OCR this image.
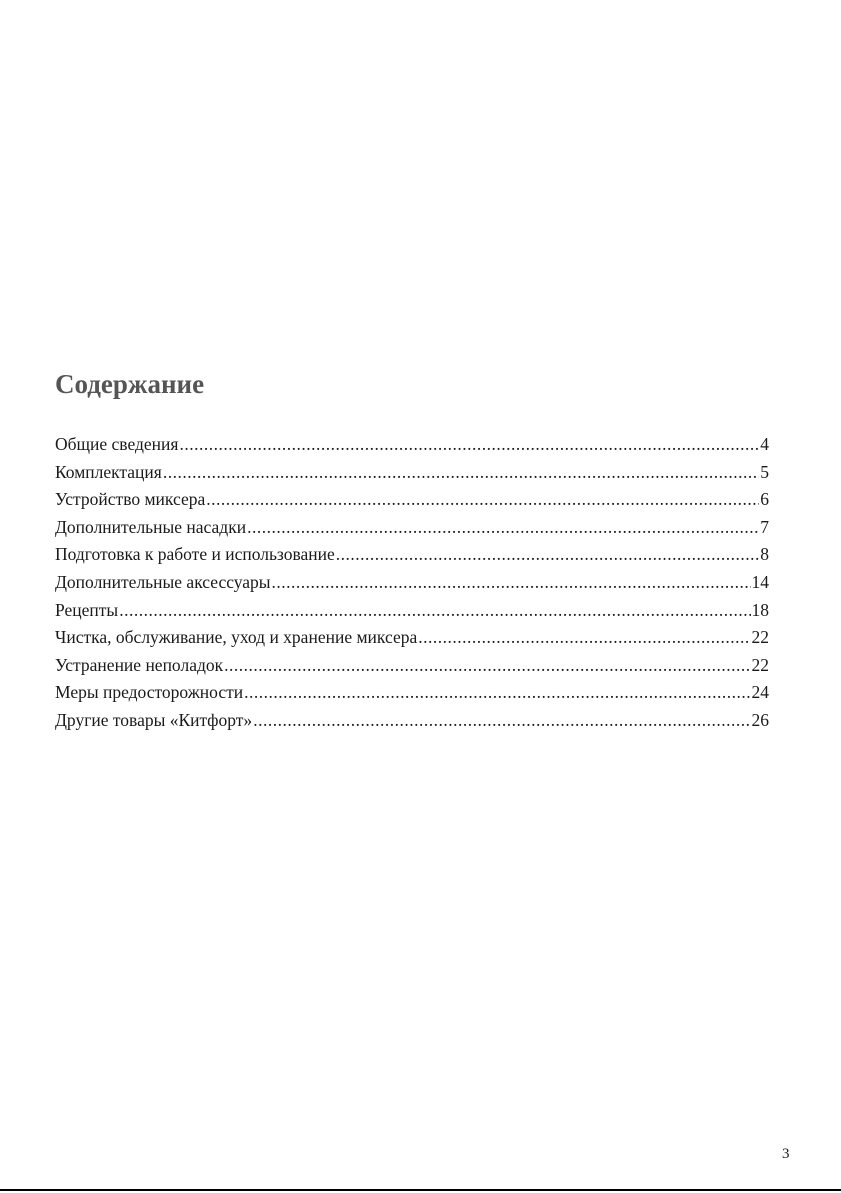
Содержание
Общие сведения .....	4
Комплектация .....	5
Устройство миксера .....	6
Дополнительные насадки .....	7
Подготовка к работе и использование .....	8
Дополнительные аксессуары .....	14
Рецепты .....	18
Чистка, обслуживание, уход и хранение миксера .....	22
Устранение неполадок .....	22
Меры предосторожности .....	24
Другие товары «Китфорт» .....	26
3
